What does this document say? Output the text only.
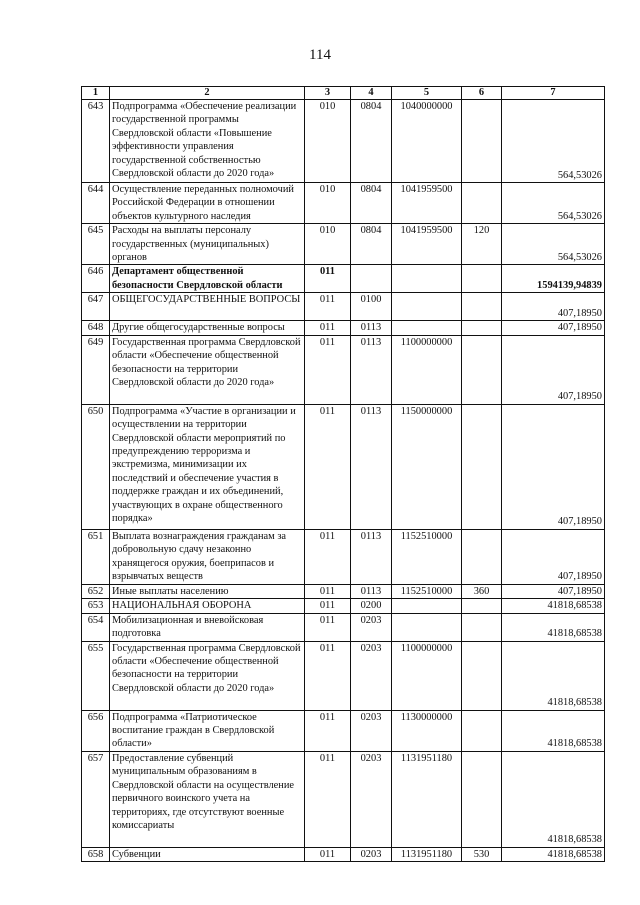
114
1	2	3	4	5	6	7
643	Подпрограмма «Обеспечение реализации государственной программы Свердловской области «Повышение эффективности управления государственной собственностью Свердловской области до 2020 года»	010	0804	1040000000		564,53026
644	Осуществление переданных полномочий Российской Федерации в отношении объектов культурного наследия	010	0804	1041959500		564,53026
645	Расходы на выплаты персоналу государственных (муниципальных) органов	010	0804	1041959500	120	564,53026
646	Департамент общественной безопасности Свердловской области	011				1594139,94839
647	ОБЩЕГОСУДАРСТВЕННЫЕ ВОПРОСЫ	011	0100			407,18950
648	Другие общегосударственные вопросы	011	0113			407,18950
649	Государственная программа Свердловской области «Обеспечение общественной безопасности на территории Свердловской области до 2020 года»	011	0113	1100000000		407,18950
650	Подпрограмма «Участие в организации и осуществлении на территории Свердловской области мероприятий по предупреждению терроризма и экстремизма, минимизации их последствий и обеспечение участия в поддержке граждан и их объединений, участвующих в охране общественного порядка»	011	0113	1150000000		407,18950
651	Выплата вознаграждения гражданам за добровольную сдачу незаконно хранящегося оружия, боеприпасов и взрывчатых веществ	011	0113	1152510000		407,18950
652	Иные выплаты населению	011	0113	1152510000	360	407,18950
653	НАЦИОНАЛЬНАЯ ОБОРОНА	011	0200			41818,68538
654	Мобилизационная и вневойсковая подготовка	011	0203			41818,68538
655	Государственная программа Свердловской области «Обеспечение общественной безопасности на территории Свердловской области до 2020 года»	011	0203	1100000000		41818,68538
656	Подпрограмма «Патриотическое воспитание граждан в Свердловской области»	011	0203	1130000000		41818,68538
657	Предоставление субвенций муниципальным образованиям в Свердловской области на осуществление первичного воинского учета на территориях, где отсутствуют военные комиссариаты	011	0203	1131951180		41818,68538
658	Субвенции	011	0203	1131951180	530	41818,68538
